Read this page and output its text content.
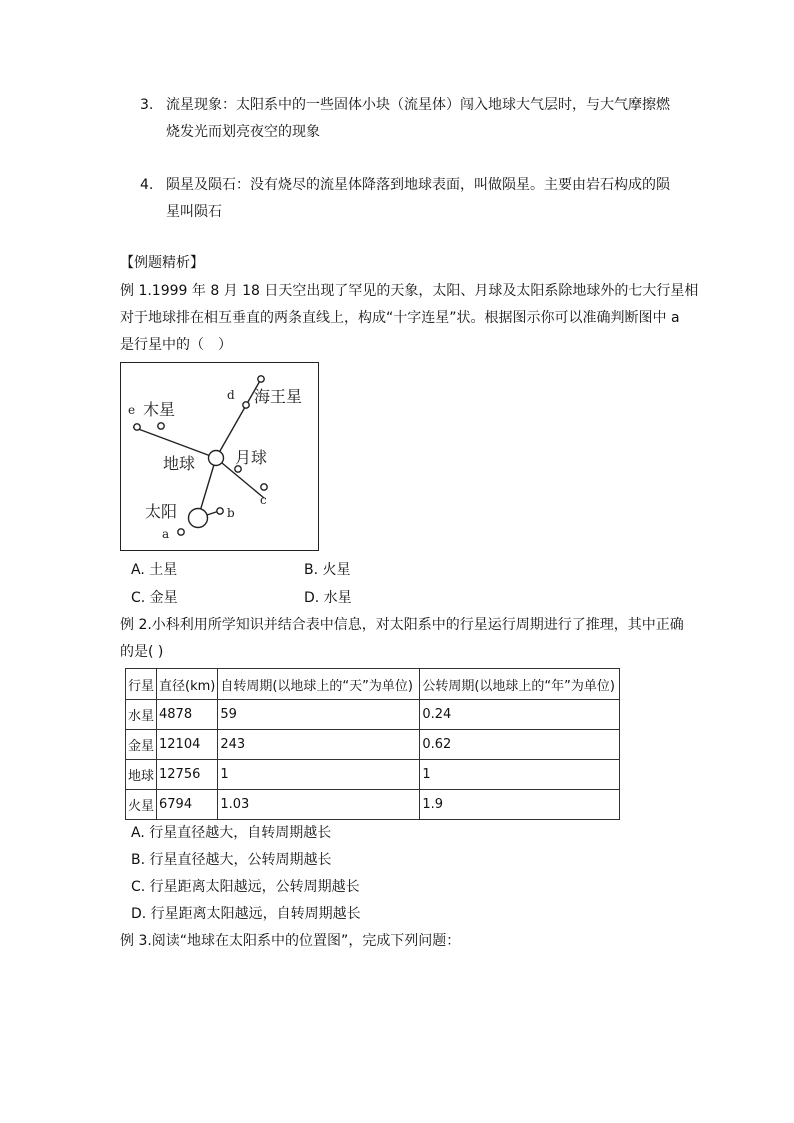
3. 流星现象：太阳系中的一些固体小块（流星体）闯入地球大气层时，与大气摩擦燃
烧发光而划亮夜空的现象
4. 陨星及陨石：没有烧尽的流星体降落到地球表面，叫做陨星。主要由岩石构成的陨
星叫陨石
【例题精析】
例 1.1999 年 8 月 18 日天空出现了罕见的天象，太阳、月球及太阳系除地球外的七大行星相
对于地球排在相互垂直的两条直线上，构成“十字连星”状。根据图示你可以准确判断图中 a
是行星中的（　）
d 海王星
e 木星
地球 月球
c
太阳	b
a
A. 土星	B. 火星
C. 金星	D. 水星
例 2.小科利用所学知识并结合表中信息，对太阳系中的行星运行周期进行了推理，其中正确
的是( )
行星	直径(km)	自转周期(以地球上的“天”为单位)	公转周期(以地球上的“年”为单位)
水星	4878	59	0.24
金星	12104	243	0.62
地球	12756	1	1
火星	6794	1.03	1.9
A. 行星直径越大，自转周期越长
B. 行星直径越大，公转周期越长
C. 行星距离太阳越远，公转周期越长
D. 行星距离太阳越远，自转周期越长
例 3.阅读“地球在太阳系中的位置图”，完成下列问题：
